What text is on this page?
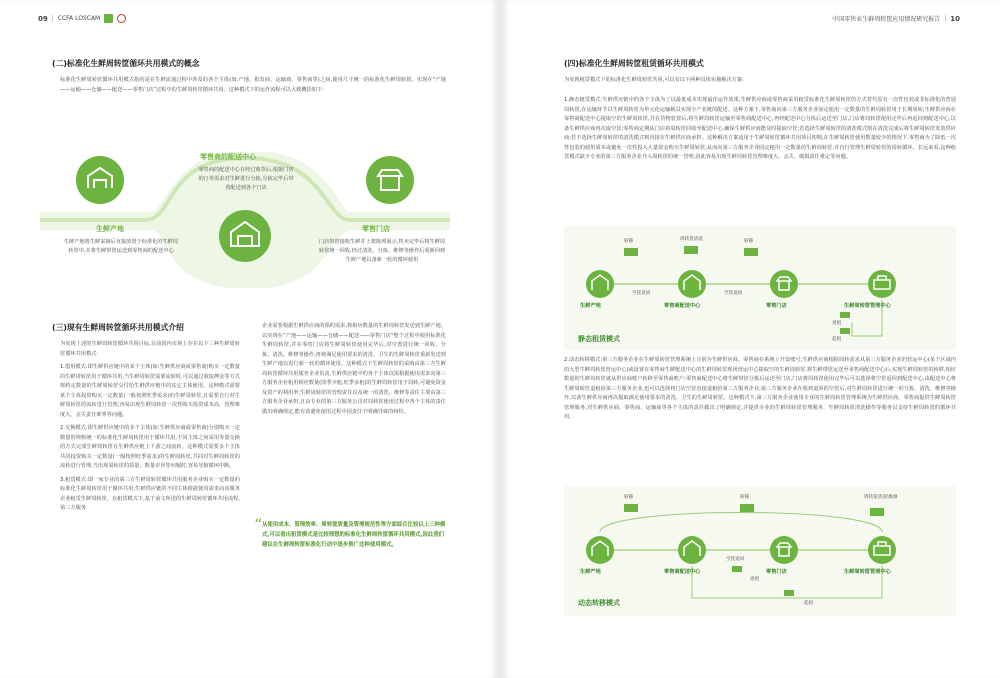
09 | CCFA LOSCAM
(二)标准化生鲜周转筐循环共用模式的概念
标准化生鲜周转筐循环共用模式指的是在生鲜流通过程中涉及的各个主体(如:产地、批发商、运输商、零售商等)之间,使用尺寸统一的标准化生鲜周转筐。实现在“产地——运输——仓储——配送——零售门店”过程中的生鲜周转筐循环共用。这种模式下的运作流程可以大致概括如下:
零售商的配送中心
零售商的配送中心在经过收货后,根据门店的订单需求对生鲜进行分拣,分拣完毕后带着配送到各个门店
生鲜产地
生鲜产地将生鲜采摘后直接放置于标准化的生鲜周转筐中,并将生鲜带筐运送到零售商的配送中心
零售门店
门店带筐接收生鲜并上架陈列展示,售卖完毕后将生鲜周转筐统一回收,经过清洗、分拣、维修等操作后重新回到生鲜产地以备新一轮的循环使用
(三)现有生鲜周转筐循环共用模式介绍

为实现上述的生鲜周转筐循环共用目标,目前国内市场上存在以下三种生鲜周转筐循环共用模式:

1.借用模式:即生鲜供应链中的某个主体(如:生鲜供应商或零售商)购买一定数量的生鲜周转筐用于循环共用,当生鲜周转筐需要流转时,可以通过收取押金等方式将约定数量的生鲜周转筐交付给生鲜供应链中的其它主体使用。这种模式需要某个主体投资购买一定数量(一般按照旺季需求)的生鲜周转筐,且需要自行对生鲜周转筐的流转进行管理,容易出现生鲜周转筐一次性购买投资成本高、管理难度大、丢失责任难界等问题。

2.交换模式:即生鲜供应链中的多个主体(如:生鲜供应商或零售商)分别购买一定数量的规格统一的标准化生鲜周转筐用于循环共用,不同主体之间采用等量交换的方式完成生鲜周转筐在生鲜供应链上下游之间流转。这种模式需要多个主体共同投资购买一定数量(一般按照旺季需求)的生鲜周转筐,共同对生鲜周转筐的流转进行管理,当出现周转筐的质量、数量差异等问题时,容易导致循环中断。

3.租赁模式:即一家专业的第三方生鲜周转筐循环共用服务企业购买一定数量的标准化生鲜周转筐用于循环共用,生鲜供应链的不同主体根据使用需求向该服务企业租赁生鲜周转筐。在租赁模式下,基于前文所述的生鲜周转筐循环共用流程,第三方服务

企业需要根据生鲜供应商的预约需求,将相应数量的生鲜周转筐发送到生鲜产地。以实现在“产地——运输——仓储——配送——零售门店”整个过程中使用标准化生鲜周转筐,并在零售门店将生鲜周转筐使用完毕后,对空置进行统一回收、分拣、清洗、维修等操作,再将满足使用要求的清洗、卫生的生鲜周转筐重新发送到生鲜产地以进行新一轮的循环使用。这种模式下生鲜周转筐的采购由第三方生鲜周转筐循环共用服务企业负责,生鲜供应链中的各个主体仅需根据使用需求向第三方服务企业租用相应数量(淡季少租,旺季多租)的生鲜周转筐用于周转,可避免资金及资产的利用率;生鲜周转筐的管理责任以及统一的清洗、维修等责任主要由第三方服务企业承担,且由专业的第三方服务公司对周转筐使用过程中各个主体的责任做出明确规定,能有效避免使用过程中因责任不明确导致的纠纷。
“ 从使用成本、管理效率、周转筐质量及管理规范性等方面综合比较以上三种模式,可以看出租赁模式是比较理想的标准化生鲜周转筐循环共用模式,因此我们建议在生鲜周转筐标准化行动中逐步推广这种使用模式。
中国零售业生鲜周转筐应用情况研究报告 | 10
(四)标准化生鲜周转筐租赁循环共用模式
为实现租赁模式下的标准化生鲜周转筐共用,可以有以下两种具体实施解决方案:
1.静态租赁模式:生鲜供应链中的各个主体为了以最低成本实现最佳运作效果,生鲜供应商或零售商采用租赁标准化生鲜周转筐的方式替代原有一次性包装或非标准化的普通周转筐,在运输环节以生鲜周转筐为单元化运输载具实现全产业链的配送。这种方案下,零售商向第三方服务企业固定租用一定数量的生鲜周转筐用于长期周转;生鲜供应商在零售商配送中心提取空的生鲜周转筐,并在货物装置后,将生鲜周转筐运输至零售商配送中心,再经配送中心分拣后运送至门店,门店将周转筐使用完毕后再返回到配送中心,以备生鲜供应商再次取空筐;零售商定期从门店将周转筐回收至配送中心,确保生鲜供应商能及时提取空筐;若选择生鲜周转筐的清洗模式则在清洗完成后将生鲜周转筐发放供应商;若不选择生鲜周转筐的清洗模式则直接在生鲜供应商承担。这种解决方案适用于生鲜周转筐循环共用项目初期,在生鲜周转筐使用数量较少的情况下,零售商为了降低一次性包装的使用成本或避免一次性投入大量资金购买生鲜周转筐,从而向第三方服务企业固定租用一定数量的生鲜周转筐,并自行管理生鲜周转筐的周转循环。长远来看,这种租赁模式缺少专业的第三方服务企业介入周转筐的统一管理,因此容易出现生鲜周转筐管理难度大、丢失、破损责任难定等问题。
转移	周转筐清洗	转移
生鲜产地
空筐返回
零售商配送中心
空筐返回
零售门店	生鲜周转筐管理中心
退租
起租
静态租赁模式
2.动态转移模式:第三方服务企业在生鲜周转筐管理系统上分别为生鲜供应商、零售商在系统上开设账号;生鲜供应商根据周转需求从第三方服务企业的营运中心(某个区域内的大型生鲜周转筐营运中心)或设置在零售商生鲜配送中心的生鲜周转筐现场营运中心提取空的生鲜周转筐,将生鲜带筐运送至零售商配送中心后,实现生鲜周转筐的转移,相应数量的生鲜周转筐就从供应商账户转移至零售商账户;零售商配送中心将生鲜带筐分拣后运送至门店,门店将周转筐使用完毕后可以选择将空筐返回到配送中心,由配送中心将生鲜周转筐退租给第三方服务企业,也可以选择将门店空筐直接退租给第三方服务企业;第三方服务企业在收到退回的空筐后,对生鲜周转筐进行统一的分拣、清洗、维修等操作,以备生鲜供应商再次提取满足使用要求的清洗、卫生的生鲜周转筐。这种模式下,第三方服务企业使用专业的生鲜周转筐管理系统为生鲜供应商、零售商提供生鲜周转筐管理服务,对生鲜供应商、零售商、运输商等各个主体的责任做出了明确规定,并提供专业的生鲜周转筐管理服务、生鲜周转筐清洗操作等服务以支持生鲜周转筐的循环共用。
转移	转移	周转筐清洗\维修
生鲜产地	零售商配送中心
空筐返回
零售门店	生鲜周转筐管理中心
退租
起租
动态转移模式
